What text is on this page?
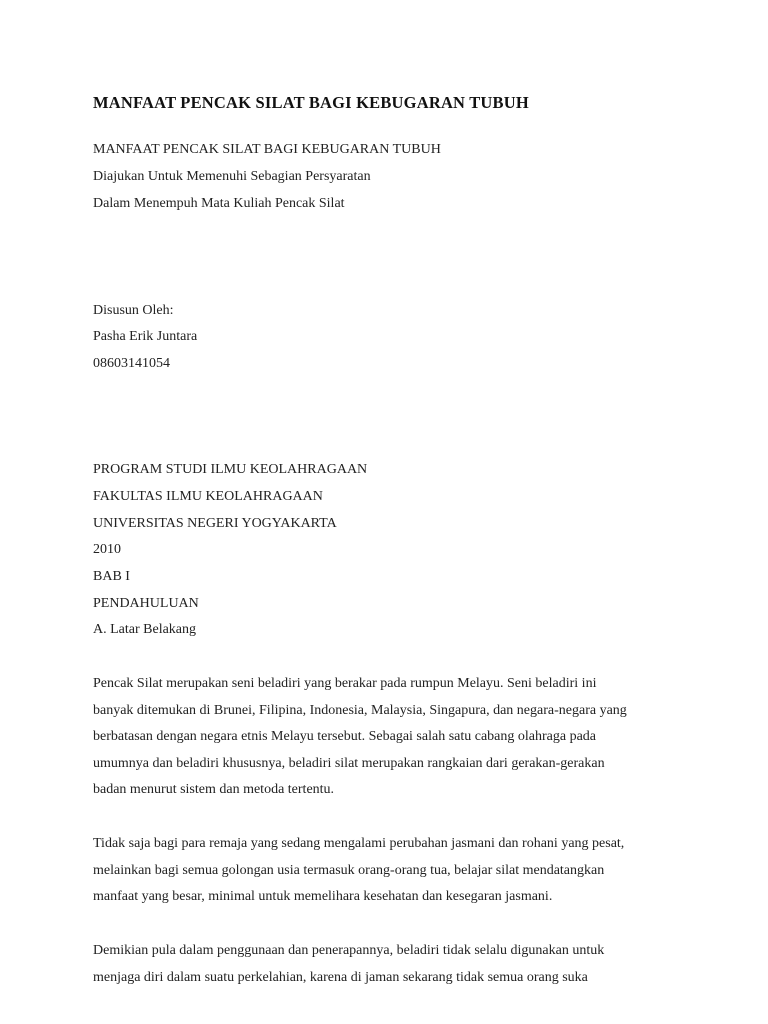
MANFAAT PENCAK SILAT BAGI KEBUGARAN TUBUH

MANFAAT PENCAK SILAT BAGI KEBUGARAN TUBUH

Diajukan Untuk Memenuhi Sebagian Persyaratan

Dalam Menempuh Mata Kuliah Pencak Silat

Disusun Oleh:

Pasha Erik Juntara

08603141054

PROGRAM STUDI ILMU KEOLAHRAGAAN

FAKULTAS ILMU KEOLAHRAGAAN

UNIVERSITAS NEGERI YOGYAKARTA

2010

BAB I

PENDAHULUAN

A. Latar Belakang

Pencak Silat merupakan seni beladiri yang berakar pada rumpun Melayu. Seni beladiri ini
banyak ditemukan di Brunei, Filipina, Indonesia, Malaysia, Singapura, dan negara-negara yang
berbatasan dengan negara etnis Melayu tersebut. Sebagai salah satu cabang olahraga pada
umumnya dan beladiri khususnya, beladiri silat merupakan rangkaian dari gerakan-gerakan
badan menurut sistem dan metoda tertentu.
Tidak saja bagi para remaja yang sedang mengalami perubahan jasmani dan rohani yang pesat,
melainkan bagi semua golongan usia termasuk orang-orang tua, belajar silat mendatangkan
manfaat yang besar, minimal untuk memelihara kesehatan dan kesegaran jasmani.
Demikian pula dalam penggunaan dan penerapannya, beladiri tidak selalu digunakan untuk
menjaga diri dalam suatu perkelahian, karena di jaman sekarang tidak semua orang suka
